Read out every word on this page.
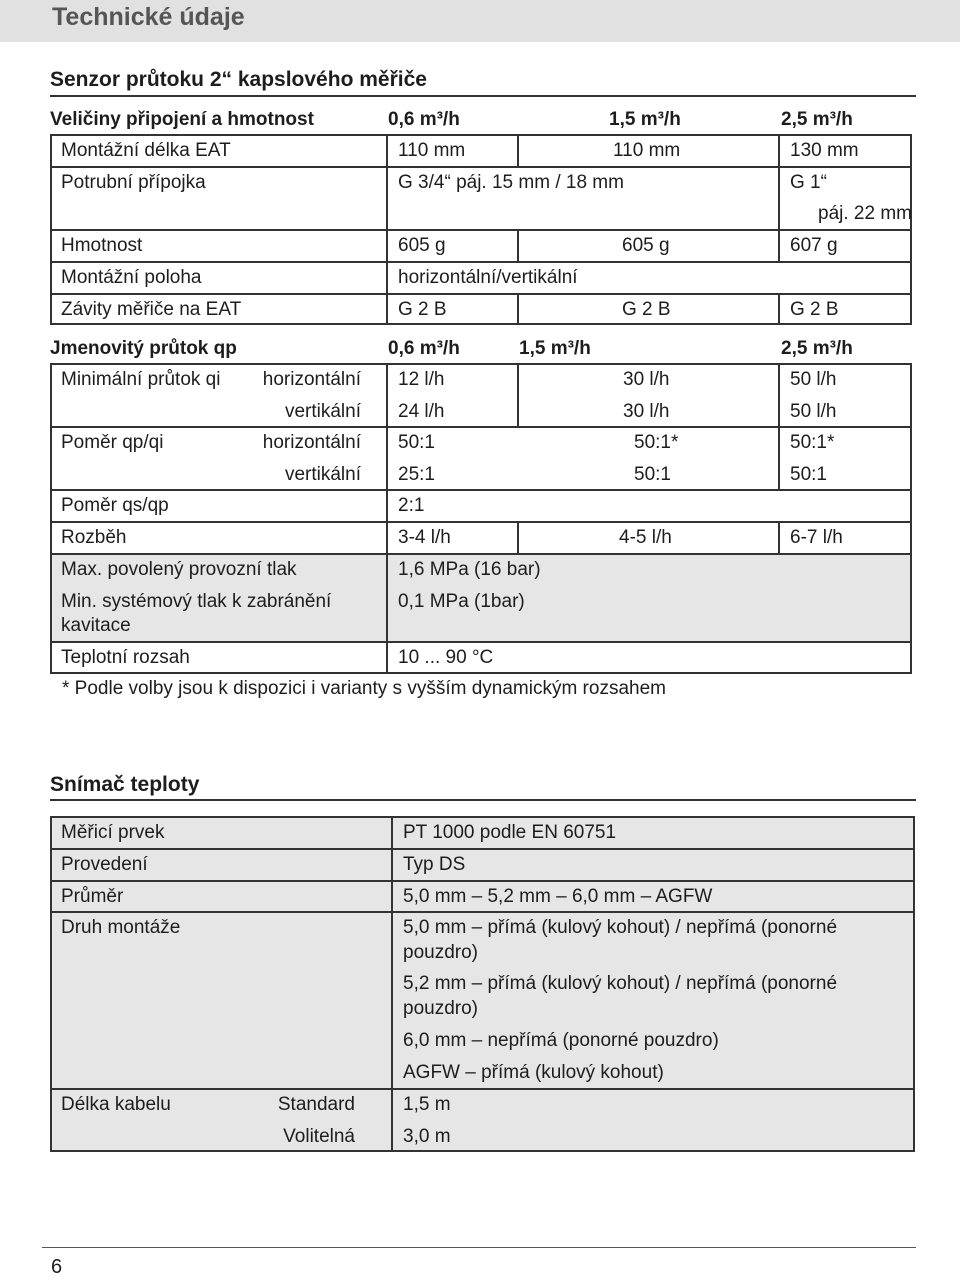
Technické údaje
Senzor průtoku 2“ kapslového měřiče
Veličiny připojení a hmotnost	0,6 m³/h	1,5 m³/h	2,5 m³/h
Montážní délka EAT	110 mm	110 mm	130 mm
Potrubní přípojka	G 3/4“ páj. 15 mm / 18 mm	G 1“
páj. 22 mm
Hmotnost	605 g	605 g	607 g
Montážní poloha	horizontální/vertikální
Závity měřiče na EAT	G 2 B	G 2 B	G 2 B
Jmenovitý průtok qp	0,6 m³/h	1,5 m³/h	2,5 m³/h
Minimální průtok qi	horizontální 12 l/h	30 l/h	50 l/h
vertikální 24 l/h	30 l/h	50 l/h
Poměr qp/qi	horizontální 50:1	50:1*	50:1*
vertikální 25:1	50:1	50:1
Poměr qs/qp	2:1
Rozběh	3-4 l/h	4-5 l/h	6-7 l/h
Max. povolený provozní tlak	1,6 MPa (16 bar)
Min. systémový tlak k zabránění
kavitace
0,1 MPa (1bar)
Teplotní rozsah	10 ... 90 °C
* Podle volby jsou k dispozici i varianty s vyšším dynamickým rozsahem
Snímač teploty
Měřicí prvek	PT 1000 podle EN 60751
Provedení	Typ DS
Průměr	5,0 mm – 5,2 mm – 6,0 mm – AGFW
Druh montáže	5,0 mm – přímá (kulový kohout) / nepřímá (ponorné
pouzdro)
5,2 mm – přímá (kulový kohout) / nepřímá (ponorné
pouzdro)
6,0 mm – nepřímá (ponorné pouzdro)
AGFW – přímá (kulový kohout)
Délka kabelu	Standard	1,5 m
Volitelná	3,0 m
6
